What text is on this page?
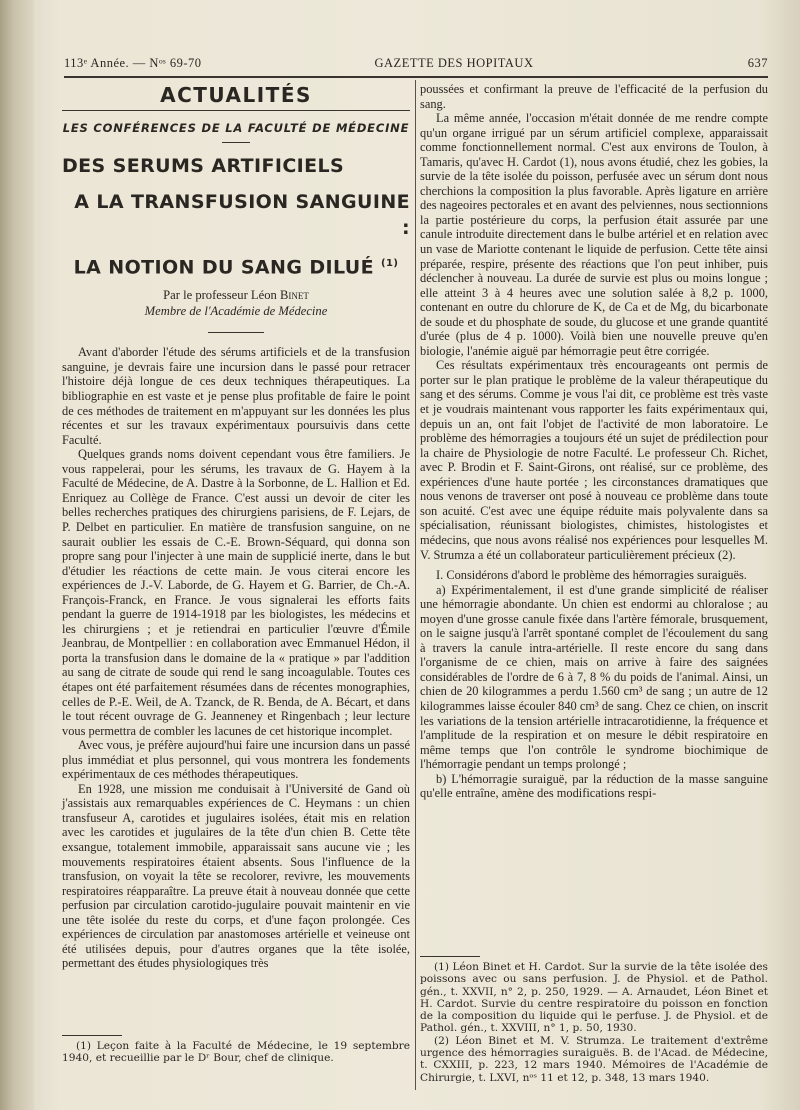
113ᵉ Année. — Nᵒˢ 69-70	GAZETTE DES HOPITAUX	637
ACTUALITÉS
LES CONFÉRENCES DE LA FACULTÉ DE MÉDECINE
DES SERUMS ARTIFICIELS
A LA TRANSFUSION SANGUINE :
LA NOTION DU SANG DILUÉ $^{(1)}$
Par le professeur Léon Binet
Membre de l'Académie de Médecine

Avant d'aborder l'étude des sérums artificiels et de la transfusion sanguine, je devrais faire une incursion dans le passé pour retracer l'histoire déjà longue de ces deux techniques thérapeutiques. La bibliographie en est vaste et je pense plus profitable de faire le point de ces méthodes de traitement en m'appuyant sur les données les plus récentes et sur les travaux expérimentaux poursuivis dans cette Faculté.

Quelques grands noms doivent cependant vous être familiers. Je vous rappelerai, pour les sérums, les travaux de G. Hayem à la Faculté de Médecine, de A. Dastre à la Sorbonne, de L. Hallion et Ed. Enriquez au Collège de France. C'est aussi un devoir de citer les belles recherches pratiques des chirurgiens parisiens, de F. Lejars, de P. Delbet en particulier. En matière de transfusion sanguine, on ne saurait oublier les essais de C.-E. Brown-Séquard, qui donna son propre sang pour l'injecter à une main de supplicié inerte, dans le but d'étudier les réactions de cette main. Je vous citerai encore les expériences de J.-V. Laborde, de G. Hayem et G. Barrier, de Ch.-A. François-Franck, en France. Je vous signalerai les efforts faits pendant la guerre de 1914-1918 par les biologistes, les médecins et les chirurgiens ; et je retiendrai en particulier l'œuvre d'Émile Jeanbrau, de Montpellier : en collaboration avec Emmanuel Hédon, il porta la transfusion dans le domaine de la « pratique » par l'addition au sang de citrate de soude qui rend le sang incoagulable. Toutes ces étapes ont été parfaitement résumées dans de récentes monographies, celles de P.-E. Weil, de A. Tzanck, de R. Benda, de A. Bécart, et dans le tout récent ouvrage de G. Jeanneney et Ringenbach ; leur lecture vous permettra de combler les lacunes de cet historique incomplet.

Avec vous, je préfère aujourd'hui faire une incursion dans un passé plus immédiat et plus personnel, qui vous montrera les fondements expérimentaux de ces méthodes thérapeutiques.

En 1928, une mission me conduisait à l'Université de Gand où j'assistais aux remarquables expériences de C. Heymans : un chien transfuseur A, carotides et jugulaires isolées, était mis en relation avec les carotides et jugulaires de la tête d'un chien B. Cette tête exsangue, totalement immobile, apparaissait sans aucune vie ; les mouvements respiratoires étaient absents. Sous l'influence de la transfusion, on voyait la tête se recolorer, revivre, les mouvements respiratoires réapparaître. La preuve était à nouveau donnée que cette perfusion par circulation carotido-jugulaire pouvait maintenir en vie une tête isolée du reste du corps, et d'une façon prolongée. Ces expériences de circulation par anastomoses artérielle et veineuse ont été utilisées depuis, pour d'autres organes que la tête isolée, permettant des études physiologiques très

(1) Leçon faite à la Faculté de Médecine, le 19 septembre 1940, et recueillie par le Dʳ Bour, chef de clinique.

poussées et confirmant la preuve de l'efficacité de la perfusion du sang.

La même année, l'occasion m'était donnée de me rendre compte qu'un organe irrigué par un sérum artificiel complexe, apparaissait comme fonctionnellement normal. C'est aux environs de Toulon, à Tamaris, qu'avec H. Cardot (1), nous avons étudié, chez les gobies, la survie de la tête isolée du poisson, perfusée avec un sérum dont nous cherchions la composition la plus favorable. Après ligature en arrière des nageoires pectorales et en avant des pelviennes, nous sectionnions la partie postérieure du corps, la perfusion était assurée par une canule introduite directement dans le bulbe artériel et en relation avec un vase de Mariotte contenant le liquide de perfusion. Cette tête ainsi préparée, respire, présente des réactions que l'on peut inhiber, puis déclencher à nouveau. La durée de survie est plus ou moins longue ; elle atteint 3 à 4 heures avec une solution salée à 8,2 p. 1000, contenant en outre du chlorure de K, de Ca et de Mg, du bicarbonate de soude et du phosphate de soude, du glucose et une grande quantité d'urée (plus de 4 p. 1000). Voilà bien une nouvelle preuve qu'en biologie, l'anémie aiguë par hémorragie peut être corrigée.

Ces résultats expérimentaux très encourageants ont permis de porter sur le plan pratique le problème de la valeur thérapeutique du sang et des sérums. Comme je vous l'ai dit, ce problème est très vaste et je voudrais maintenant vous rapporter les faits expérimentaux qui, depuis un an, ont fait l'objet de l'activité de mon laboratoire. Le problème des hémorragies a toujours été un sujet de prédilection pour la chaire de Physiologie de notre Faculté. Le professeur Ch. Richet, avec P. Brodin et F. Saint-Girons, ont réalisé, sur ce problème, des expériences d'une haute portée ; les circonstances dramatiques que nous venons de traverser ont posé à nouveau ce problème dans toute son acuité. C'est avec une équipe réduite mais polyvalente dans sa spécialisation, réunissant biologistes, chimistes, histologistes et médecins, que nous avons réalisé nos expériences pour lesquelles M. V. Strumza a été un collaborateur particulièrement précieux (2).

I. Considérons d'abord le problème des hémorragies suraiguës.

a) Expérimentalement, il est d'une grande simplicité de réaliser une hémorragie abondante. Un chien est endormi au chloralose ; au moyen d'une grosse canule fixée dans l'artère fémorale, brusquement, on le saigne jusqu'à l'arrêt spontané complet de l'écoulement du sang à travers la canule intra-artérielle. Il reste encore du sang dans l'organisme de ce chien, mais on arrive à faire des saignées considérables de l'ordre de 6 à 7, 8 % du poids de l'animal. Ainsi, un chien de 20 kilogrammes a perdu 1.560 cm³ de sang ; un autre de 12 kilogrammes laisse écouler 840 cm³ de sang. Chez ce chien, on inscrit les variations de la tension artérielle intracarotidienne, la fréquence et l'amplitude de la respiration et on mesure le débit respiratoire en même temps que l'on contrôle le syndrome biochimique de l'hémorragie pendant un temps prolongé ;

b) L'hémorragie suraiguë, par la réduction de la masse sanguine qu'elle entraîne, amène des modifications respi-

(1) Léon Binet et H. Cardot. Sur la survie de la tête isolée des poissons avec ou sans perfusion. J. de Physiol. et de Pathol. gén., t. XXVII, n° 2, p. 250, 1929. — A. Arnaudet, Léon Binet et H. Cardot. Survie du centre respiratoire du poisson en fonction de la composition du liquide qui le perfuse. J. de Physiol. et de Pathol. gén., t. XXVIII, n° 1, p. 50, 1930.

(2) Léon Binet et M. V. Strumza. Le traitement d'extrême urgence des hémorragies suraiguës. B. de l'Acad. de Médecine, t. CXXIII, p. 223, 12 mars 1940. Mémoires de l'Académie de Chirurgie, t. LXVI, nᵒˢ 11 et 12, p. 348, 13 mars 1940.
